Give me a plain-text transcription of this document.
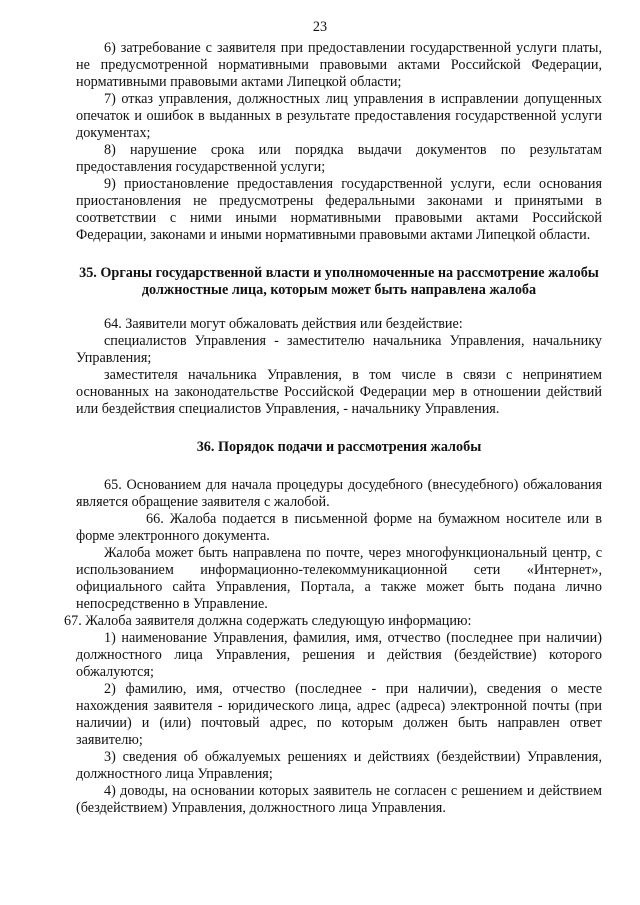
23

6) затребование с заявителя при предоставлении государственной услуги платы, не предусмотренной нормативными правовыми актами Российской Федерации, нормативными правовыми актами Липецкой области;

7) отказ управления, должностных лиц управления в исправлении допущенных опечаток и ошибок в выданных в результате предоставления государственной услуги документах;

8) нарушение срока или порядка выдачи документов по результатам предоставления государственной услуги;

9) приостановление предоставления государственной услуги, если основания приостановления не предусмотрены федеральными законами и принятыми в соответствии с ними иными нормативными правовыми актами Российской Федерации, законами и иными нормативными правовыми актами Липецкой области.

35. Органы государственной власти и уполномоченные на рассмотрение жалобы должностные лица, которым может быть направлена жалоба

64. Заявители могут обжаловать действия или бездействие:

специалистов Управления - заместителю начальника Управления, начальнику Управления;

заместителя начальника Управления, в том числе в связи с непринятием основанных на законодательстве Российской Федерации мер в отношении действий или бездействия специалистов Управления, - начальнику Управления.

36. Порядок подачи и рассмотрения жалобы

65. Основанием для начала процедуры досудебного (внесудебного) обжалования является обращение заявителя с жалобой.

66. Жалоба подается в письменной форме на бумажном носителе или в форме электронного документа.

Жалоба может быть направлена по почте, через многофункциональный центр, с использованием информационно-телекоммуникационной сети «Интернет», официального сайта Управления, Портала, а также может быть подана лично непосредственно в Управление.

67. Жалоба заявителя должна содержать следующую информацию:

1) наименование Управления, фамилия, имя, отчество (последнее при наличии) должностного лица Управления, решения и действия (бездействие) которого обжалуются;

2) фамилию, имя, отчество (последнее - при наличии), сведения о месте нахождения заявителя - юридического лица, адрес (адреса) электронной почты (при наличии) и (или) почтовый адрес, по которым должен быть направлен ответ заявителю;

3) сведения об обжалуемых решениях и действиях (бездействии) Управления, должностного лица Управления;

4) доводы, на основании которых заявитель не согласен с решением и действием (бездействием) Управления, должностного лица Управления.
